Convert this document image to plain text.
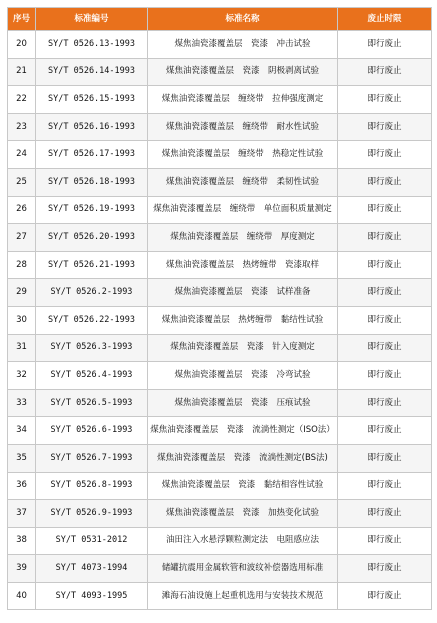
序号	标准编号	标准名称	废止时限
20	SY/T 0526.13-1993	煤焦油瓷漆覆盖层　瓷漆　冲击试验	即行废止
21	SY/T 0526.14-1993	煤焦油瓷漆覆盖层　瓷漆　阴极剥离试验	即行废止
22	SY/T 0526.15-1993	煤焦油瓷漆覆盖层　缠绕带　拉伸强度测定	即行废止
23	SY/T 0526.16-1993	煤焦油瓷漆覆盖层　缠绕带　耐水性试验	即行废止
24	SY/T 0526.17-1993	煤焦油瓷漆覆盖层　缠绕带　热稳定性试验	即行废止
25	SY/T 0526.18-1993	煤焦油瓷漆覆盖层　缠绕带　柔韧性试验	即行废止
26	SY/T 0526.19-1993	煤焦油瓷漆覆盖层　缠绕带　单位面积质量测定	即行废止
27	SY/T 0526.20-1993	煤焦油瓷漆覆盖层　缠绕带　厚度测定	即行废止
28	SY/T 0526.21-1993	煤焦油瓷漆覆盖层　热烤缠带　瓷漆取样	即行废止
29	SY/T 0526.2-1993	煤焦油瓷漆覆盖层　瓷漆　试样准备	即行废止
30	SY/T 0526.22-1993	煤焦油瓷漆覆盖层　热烤缠带　黏结性试验	即行废止
31	SY/T 0526.3-1993	煤焦油瓷漆覆盖层　瓷漆　针入度测定	即行废止
32	SY/T 0526.4-1993	煤焦油瓷漆覆盖层　瓷漆　冷弯试验	即行废止
33	SY/T 0526.5-1993	煤焦油瓷漆覆盖层　瓷漆　压痕试验	即行废止
34	SY/T 0526.6-1993	煤焦油瓷漆覆盖层　瓷漆　流淌性测定（ISO法）	即行废止
35	SY/T 0526.7-1993	煤焦油瓷漆覆盖层　瓷漆　流淌性测定(BS法)	即行废止
36	SY/T 0526.8-1993	煤焦油瓷漆覆盖层　瓷漆　黏结相容性试验	即行废止
37	SY/T 0526.9-1993	煤焦油瓷漆覆盖层　瓷漆　加热变化试验	即行废止
38	SY/T 0531-2012	油田注入水悬浮颗粒测定法　电阻感应法	即行废止
39	SY/T 4073-1994	储罐抗震用金属软管和波纹补偿器选用标准	即行废止
40	SY/T 4093-1995	滩海石油设施上起重机选用与安装技术规范	即行废止
